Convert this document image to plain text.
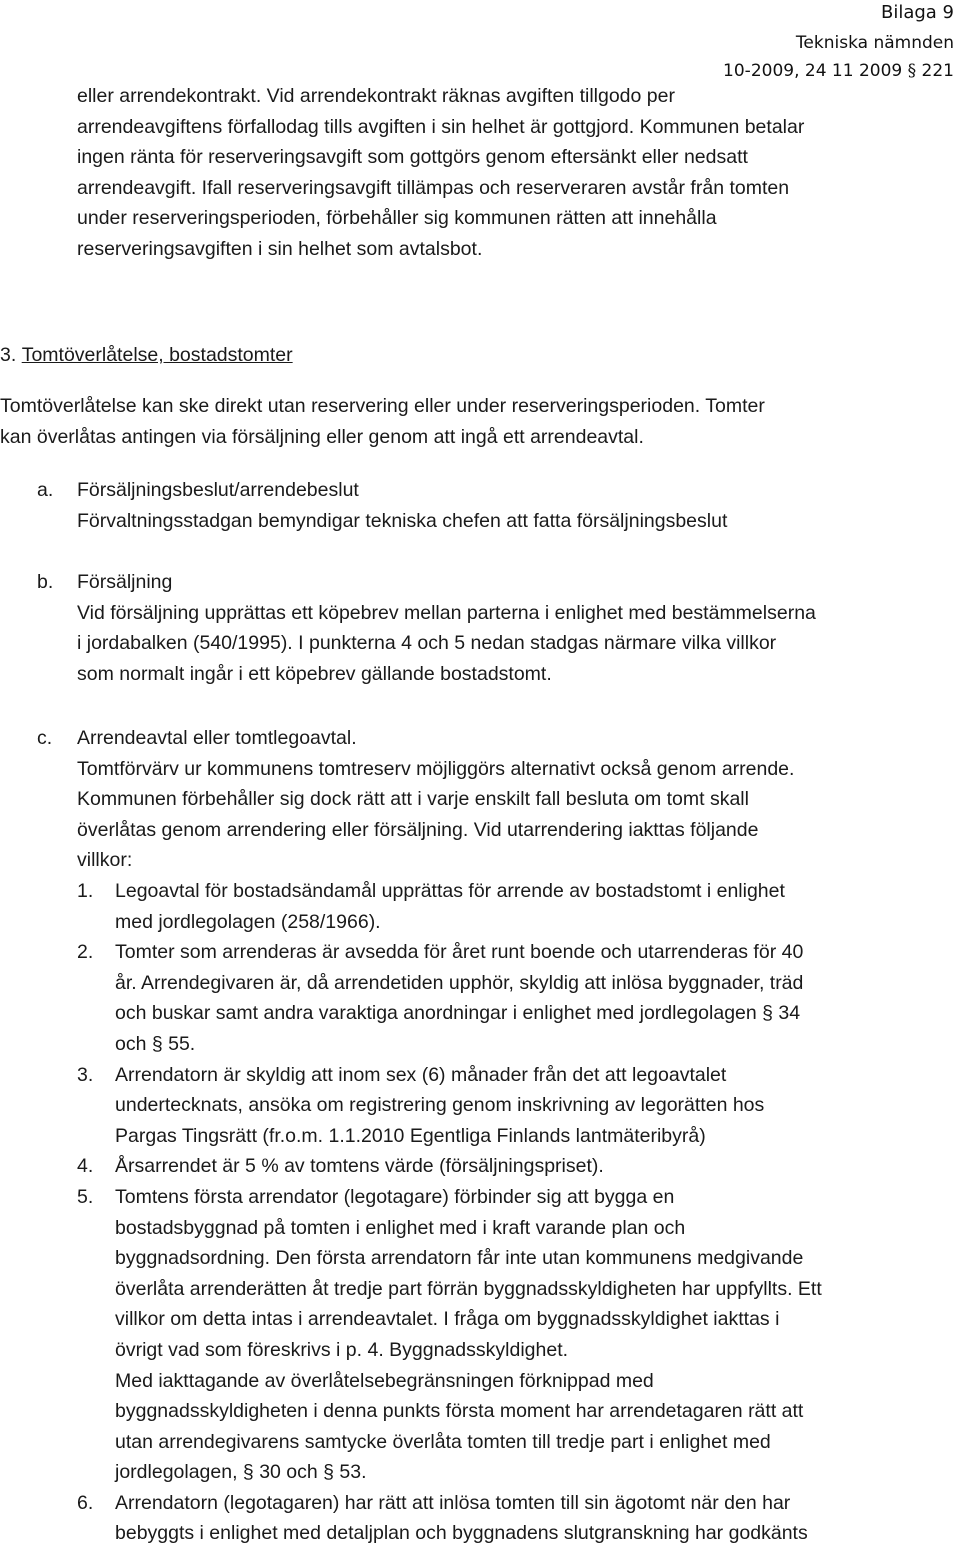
Bilaga 9
Tekniska nämnden
10-2009, 24 11 2009 § 221
eller arrendekontrakt. Vid arrendekontrakt räknas avgiften tillgodo per
arrendeavgiftens förfallodag tills avgiften i sin helhet är gottgjord. Kommunen betalar
ingen ränta för reserveringsavgift som gottgörs genom eftersänkt eller nedsatt
arrendeavgift. Ifall reserveringsavgift tillämpas och reserveraren avstår från tomten
under reserveringsperioden, förbehåller sig kommunen rätten att innehålla
reserveringsavgiften i sin helhet som avtalsbot.
3. Tomtöverlåtelse, bostadstomter
Tomtöverlåtelse kan ske direkt utan reservering eller under reserveringsperioden. Tomter
kan överlåtas antingen via försäljning eller genom att ingå ett arrendeavtal.
a. Försäljningsbeslut/arrendebeslut
Förvaltningsstadgan bemyndigar tekniska chefen att fatta försäljningsbeslut
b. Försäljning
Vid försäljning upprättas ett köpebrev mellan parterna i enlighet med bestämmelserna
i jordabalken (540/1995). I punkterna 4 och 5 nedan stadgas närmare vilka villkor
som normalt ingår i ett köpebrev gällande bostadstomt.
c. Arrendeavtal eller tomtlegoavtal.
Tomtförvärv ur kommunens tomtreserv möjliggörs alternativt också genom arrende.
Kommunen förbehåller sig dock rätt att i varje enskilt fall besluta om tomt skall
överlåtas genom arrendering eller försäljning. Vid utarrendering iakttas följande
villkor:
1. Legoavtal för bostadsändamål upprättas för arrende av bostadstomt i enlighet
med jordlegolagen (258/1966).
2. Tomter som arrenderas är avsedda för året runt boende och utarrenderas för 40
år. Arrendegivaren är, då arrendetiden upphör, skyldig att inlösa byggnader, träd
och buskar samt andra varaktiga anordningar i enlighet med jordlegolagen § 34
och § 55.
3. Arrendatorn är skyldig att inom sex (6) månader från det att legoavtalet
undertecknats, ansöka om registrering genom inskrivning av legorätten hos
Pargas Tingsrätt (fr.o.m. 1.1.2010 Egentliga Finlands lantmäteribyrå)
4. Årsarrendet är 5 % av tomtens värde (försäljningspriset).
5. Tomtens första arrendator (legotagare) förbinder sig att bygga en
bostadsbyggnad på tomten i enlighet med i kraft varande plan och
byggnadsordning. Den första arrendatorn får inte utan kommunens medgivande
överlåta arrenderätten åt tredje part förrän byggnadsskyldigheten har uppfyllts. Ett
villkor om detta intas i arrendeavtalet. I fråga om byggnadsskyldighet iakttas i
övrigt vad som föreskrivs i p. 4. Byggnadsskyldighet.
Med iakttagande av överlåtelsebegränsningen förknippad med
byggnadsskyldigheten i denna punkts första moment har arrendetagaren rätt att
utan arrendegivarens samtycke överlåta tomten till tredje part i enlighet med
jordlegolagen, § 30 och § 53.
6. Arrendatorn (legotagaren) har rätt att inlösa tomten till sin ägotomt när den har
bebyggts i enlighet med detaljplan och byggnadens slutgranskning har godkänts
